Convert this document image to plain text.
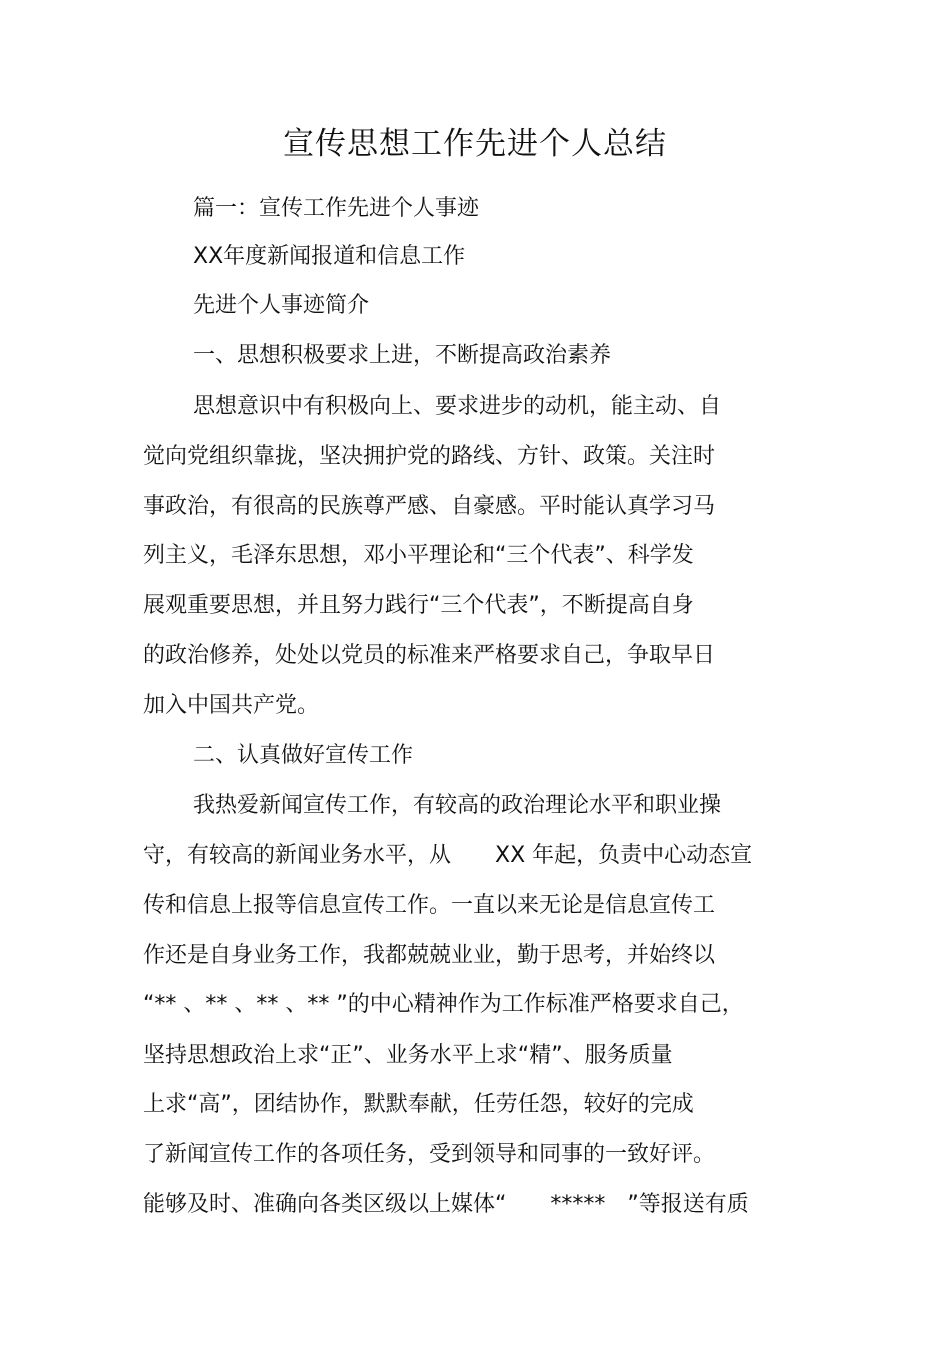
宣传思想工作先进个人总结
篇一：宣传工作先进个人事迹
XX年度新闻报道和信息工作
先进个人事迹简介
一、思想积极要求上进，不断提高政治素养
思想意识中有积极向上、要求进步的动机，能主动、自
觉向党组织靠拢，坚决拥护党的路线、方针、政策。关注时
事政治，有很高的民族尊严感、自豪感。平时能认真学习马
列主义，毛泽东思想，邓小平理论和“三个代表”、科学发
展观重要思想，并且努力践行“三个代表”，不断提高自身
的政治修养，处处以党员的标准来严格要求自己，争取早日
加入中国共产党。
二、认真做好宣传工作
我热爱新闻宣传工作，有较高的政治理论水平和职业操
守，有较高的新闻业务水平，从　　XX 年起，负责中心动态宣
传和信息上报等信息宣传工作。一直以来无论是信息宣传工
作还是自身业务工作，我都兢兢业业，勤于思考，并始终以
“** 、** 、** 、** ”的中心精神作为工作标准严格要求自己，
坚持思想政治上求“正”、业务水平上求“精”、服务质量
上求“高”，团结协作，默默奉献，任劳任怨，较好的完成
了新闻宣传工作的各项任务，受到领导和同事的一致好评。
能够及时、准确向各类区级以上媒体“　　*****　”等报送有质
